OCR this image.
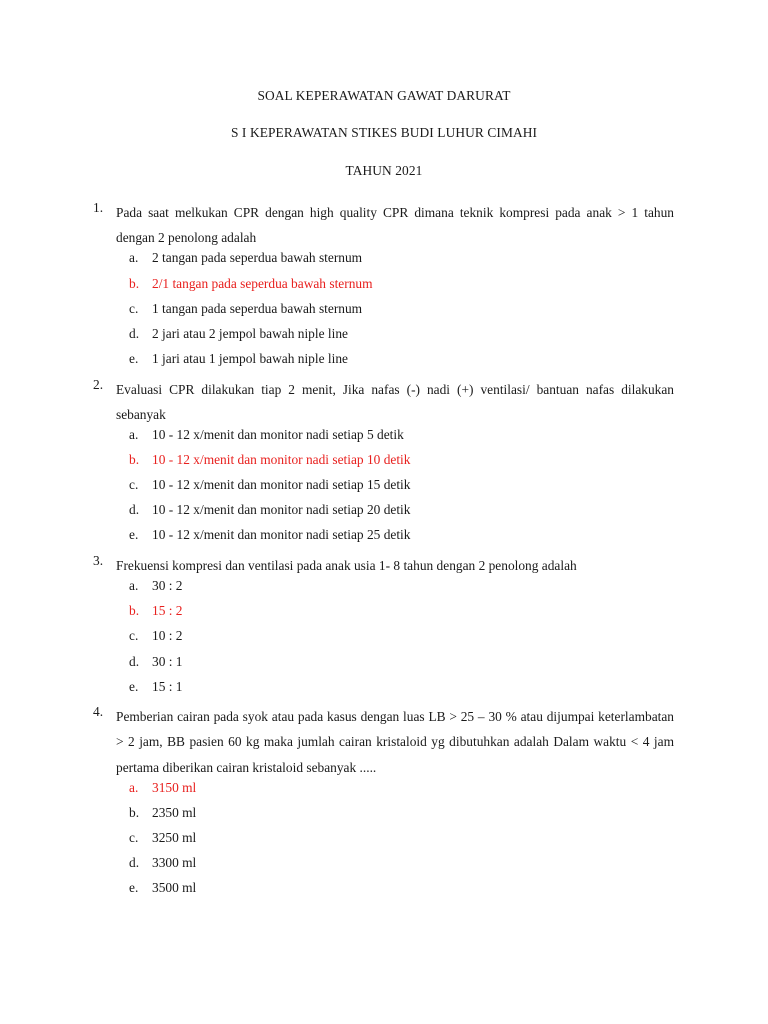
SOAL KEPERAWATAN GAWAT DARURAT
S I KEPERAWATAN STIKES BUDI LUHUR CIMAHI
TAHUN 2021
1. Pada saat melkukan CPR dengan high quality CPR dimana teknik kompresi pada anak > 1 tahun dengan 2 penolong adalah
a. 2 tangan pada seperdua bawah sternum
b. 2/1 tangan pada seperdua bawah sternum
c. 1 tangan pada seperdua bawah sternum
d. 2 jari atau 2 jempol bawah niple line
e. 1 jari atau 1 jempol bawah niple line
2. Evaluasi CPR dilakukan tiap 2 menit, Jika nafas (-) nadi (+) ventilasi/ bantuan nafas dilakukan sebanyak
a. 10 - 12 x/menit dan monitor nadi setiap 5 detik
b. 10 - 12 x/menit dan monitor nadi setiap 10 detik
c. 10 - 12 x/menit dan monitor nadi setiap 15 detik
d. 10 - 12 x/menit dan monitor nadi setiap 20 detik
e. 10 - 12 x/menit dan monitor nadi setiap 25 detik
3. Frekuensi kompresi dan ventilasi pada anak usia 1- 8 tahun dengan 2 penolong adalah
a. 30 : 2
b. 15 : 2
c. 10 : 2
d. 30 : 1
e. 15 : 1
4. Pemberian cairan pada syok atau pada kasus dengan luas LB > 25 – 30 % atau dijumpai keterlambatan > 2 jam, BB pasien 60 kg maka jumlah cairan kristaloid yg dibutuhkan adalah Dalam waktu < 4 jam pertama diberikan cairan kristaloid sebanyak .....
a. 3150 ml
b. 2350 ml
c. 3250 ml
d. 3300 ml
e. 3500 ml
